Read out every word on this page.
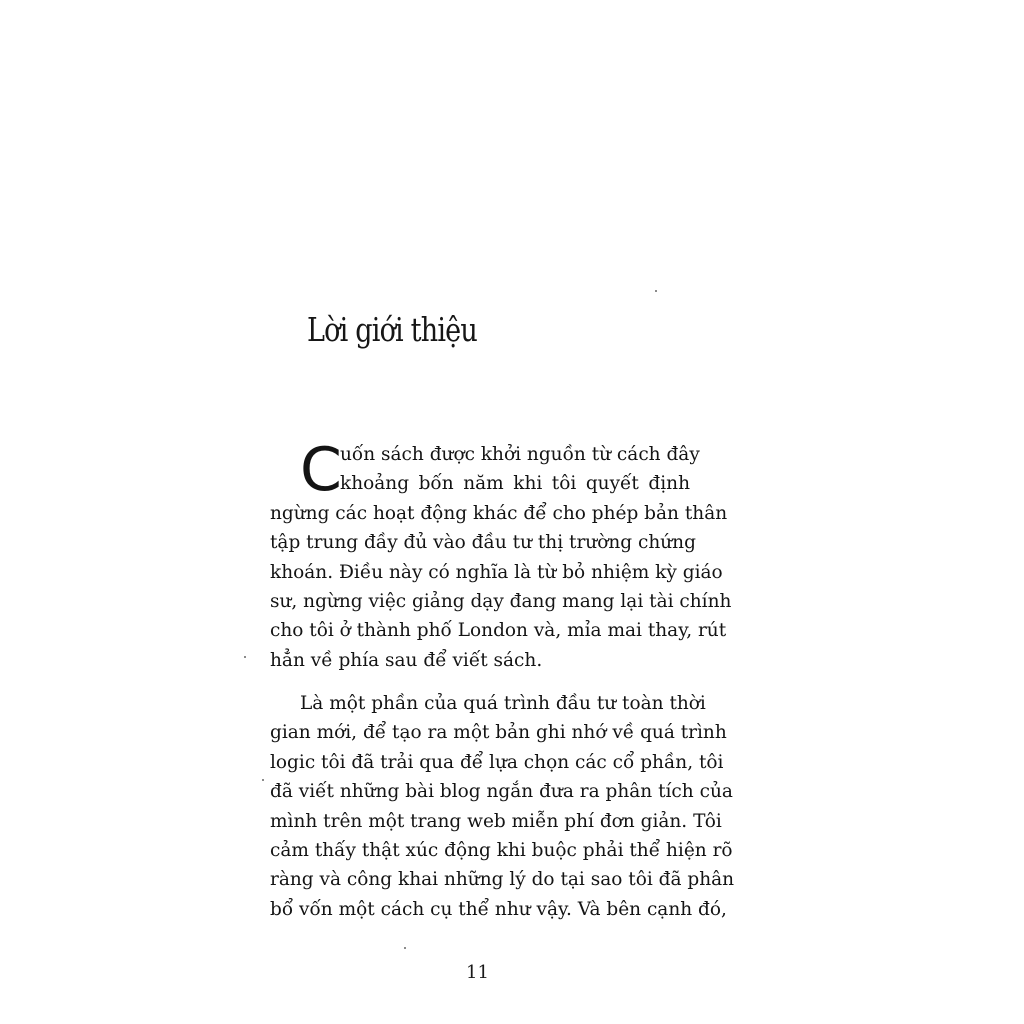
Lời giới thiệu
C
uốn sách được khởi nguồn từ cách đây
khoảng bốn năm khi tôi quyết định
ngừng các hoạt động khác để cho phép bản thân
tập trung đầy đủ vào đầu tư thị trường chứng
khoán. Điều này có nghĩa là từ bỏ nhiệm kỳ giáo
sư, ngừng việc giảng dạy đang mang lại tài chính
cho tôi ở thành phố London và, mỉa mai thay, rút
hẳn về phía sau để viết sách.
Là một phần của quá trình đầu tư toàn thời
gian mới, để tạo ra một bản ghi nhớ về quá trình
logic tôi đã trải qua để lựa chọn các cổ phần, tôi
đã viết những bài blog ngắn đưa ra phân tích của
mình trên một trang web miễn phí đơn giản. Tôi
cảm thấy thật xúc động khi buộc phải thể hiện rõ
ràng và công khai những lý do tại sao tôi đã phân
bổ vốn một cách cụ thể như vậy. Và bên cạnh đó,
11
